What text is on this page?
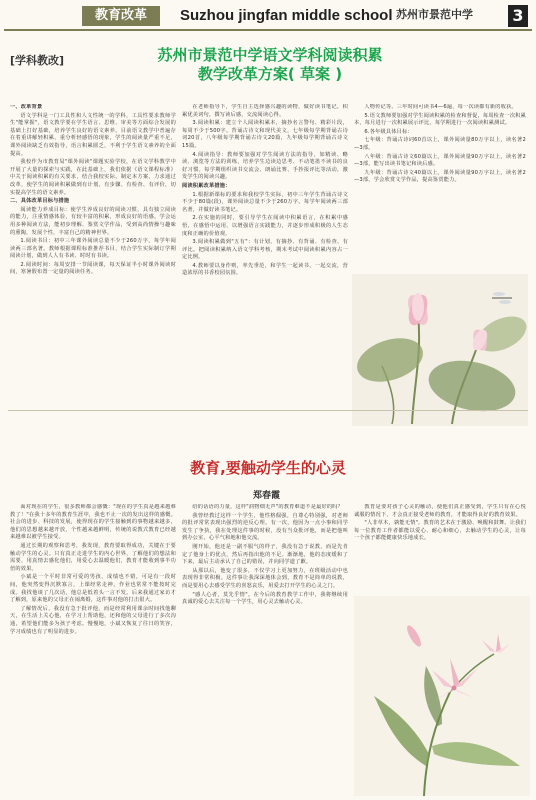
教育改革	Suzhou jingfan middle school 苏州市景范中学 3
[学科教改]	苏州市景范中学语文学科阅读积累
教学改革方案( 草案 )

一、改革背景

语文学科是一门工具性和人文性统一的学科，工具性要求教师学生"能掌握"，语文教学要在学生语言、思维、审美等方面综合发展的基础上打好基础，培养学生良好的语文素养。目前语文教学中普遍存在着重讲解轻积累、重分析轻感悟的现象，学生的阅读量严重不足，课外阅读缺乏有效指导，语言积累匮乏，不利于学生语文素养的全面提高。

我校作为市教育局"课外阅读"课题实验学校，在语文学科教学中开展了大量的探索与实践，在此基础上，我们依据《语文课程标准》中关于阅读积累的有关要求，结合我校实际，制定本方案，力求通过改革，使学生的阅读积累做到有计划、有步骤、有检查、有评价，切实提高学生的语文素养。

二、具体改革目标与措施

阅读能力养成目标：使学生养成良好的阅读习惯，具有独立阅读的能力，注重情感体验，有较丰富的积累，形成良好的语感。学会运用多种阅读方法，能初步理解、鉴赏文学作品，受到高尚情操与趣味的熏陶，发展个性，丰富自己的精神世界。

1.阅读书目：初中三年课外阅读总量不少于260万字，每学年阅读两三部名著。教师根据课程标准推荐书目，结合学生实际制订学期阅读计划，做到人人有书读、时时有书读。

2.阅读时间：每周安排一节阅读课，每天保证半小时课外阅读时间，寒暑假布置一定量的阅读任务。

在老师指导下，学生自主选择感兴趣的读物，做好读书笔记，积累优美词句，撰写读后感，交流阅读心得。

3.阅读积累：建立个人阅读积累本，摘抄名言警句、精彩片段，每周不少于500字。背诵古诗文和现代美文，七年级每学期背诵古诗词20首，八年级每学期背诵古诗文20篇，九年级每学期背诵古诗文15篇。

4.阅读指导：教师要加强对学生阅读方法的指导，如精读、略读、浏览等方法的训练，培养学生边读边思考、不动笔墨不读书的良好习惯。每学期组织读书交流会、朗诵比赛、手抄报评比等活动，激发学生的阅读兴趣。

阅读积累改革措施：

1.根据新课标的要求和我校学生实际，初中三年学生背诵古诗文不少于80篇(段)，课外阅读总量不少于260万字。每学年阅读两三部名著，并做好读书笔记。

2.在实施的同时，要引导学生在阅读中积累语言，在积累中感悟，在感悟中运用，以增强语言实践能力，并逐步形成积极的人生态度和正确的价值观。

3.阅读积累做到"五有"：有计划、有摘抄、有背诵、有检查、有评比。把阅读积累纳入语文学科考核，期末考试中阅读积累内容占一定比例。

4.教师要以身作则，率先垂范，和学生一起读书，一起交流，营造浓厚的书香校园氛围。

人物传记等。三年时间可读书4—6遍，每一次读都有新的收获。

5.语文教师要加强对学生阅读积累的检查和督促，每周检查一次积累本，每月进行一次积累展示评比，每学期进行一次阅读积累测试。

6.各年级具体目标：

七年级：背诵古诗词60首以上，课外阅读量80万字以上，读名著2—3部。

八年级：背诵古诗文60篇以上，课外阅读量90万字以上，读名著2—3部，能写出读书笔记和读后感。

九年级：背诵古诗文40篇以上，课外阅读量90万字以上，读名著2—3部，学会欣赏文学作品，提高鉴赏能力。

教育,要触动学生的心灵
郑春霞

面对现在的学生，很多教师都会感慨："现在的学生真是越来越难教了！"在我十多年的教育生涯中，我也不止一次的发出这样的感慨。社会的进步、科技的发展，使得现在的学生接触到的事物越来越多，他们的思想越来越开放，个性越来越鲜明，传统的说教式教育已经越来越难以被学生接受。

通过长期的观察和思考，我发现，教育要取得成功，关键在于要触动学生的心灵。只有真正走进学生的内心世界，了解他们的想法和需要，用真情去感化他们，用爱心去温暖他们，教育才能收到事半功倍的效果。

小斌是一个平时非常可爱的男孩，成绩也不错，可是有一段时间，他突然变得沉默寡言，上课经常走神，作业也常常不能按时完成。我找他谈了几次话，他总是低着头一言不发。后来我通过家访才了解到，原来他的父母正在闹离婚，这件事对他的打击很大。

了解情况后，我没有急于批评他，而是经常利用课余时间找他聊天，在生活上关心他，在学习上帮助他，还和他的父母进行了多次沟通，希望他们能多为孩子考虑。慢慢地，小斌又恢复了往日的笑容，学习成绩也有了明显的进步。

给的话语的力量，这样"润物细无声"的教育难道不是最好的吗？

我曾经教过这样一个学生，他性格倔强，自尊心特别强，对老师的批评常常表现出强烈的逆反心理。有一次，他因为一点小事和同学发生了争执，我在处理这件事的时候，没有当众批评他，而是把他叫到办公室，心平气和地和他交流。

刚开始，他还是一副不服气的样子，我没有急于说教，而是先肯定了他身上的优点，然后再指出他的不足。渐渐地，他的态度缓和了下来，最后主动承认了自己的错误，并向同学道了歉。

从那以后，他变了很多，不仅学习上更加努力，在班级活动中也表现得非常积极。这件事让我深深地体会到，教育不是简单的说教，而是要用心去感受学生的喜怒哀乐，用爱去打开学生的心灵之门。

"感人心者，莫先乎情"。在今后的教育教学工作中，我将继续用真诚的爱心去关注每一个学生，用心灵去触动心灵。

教育是要对孩子心灵的触动，使他们真正感受到，学生只有在心悦诚服的情况下，才会真正接受老师的教育，才能取得良好的教育效果。

"人非草木，孰能无情"。教育的艺术在于激励、唤醒和鼓舞。让我们每一位教育工作者都能以爱心、耐心和细心，去触动学生的心灵，让每一个孩子都能健康快乐地成长。
